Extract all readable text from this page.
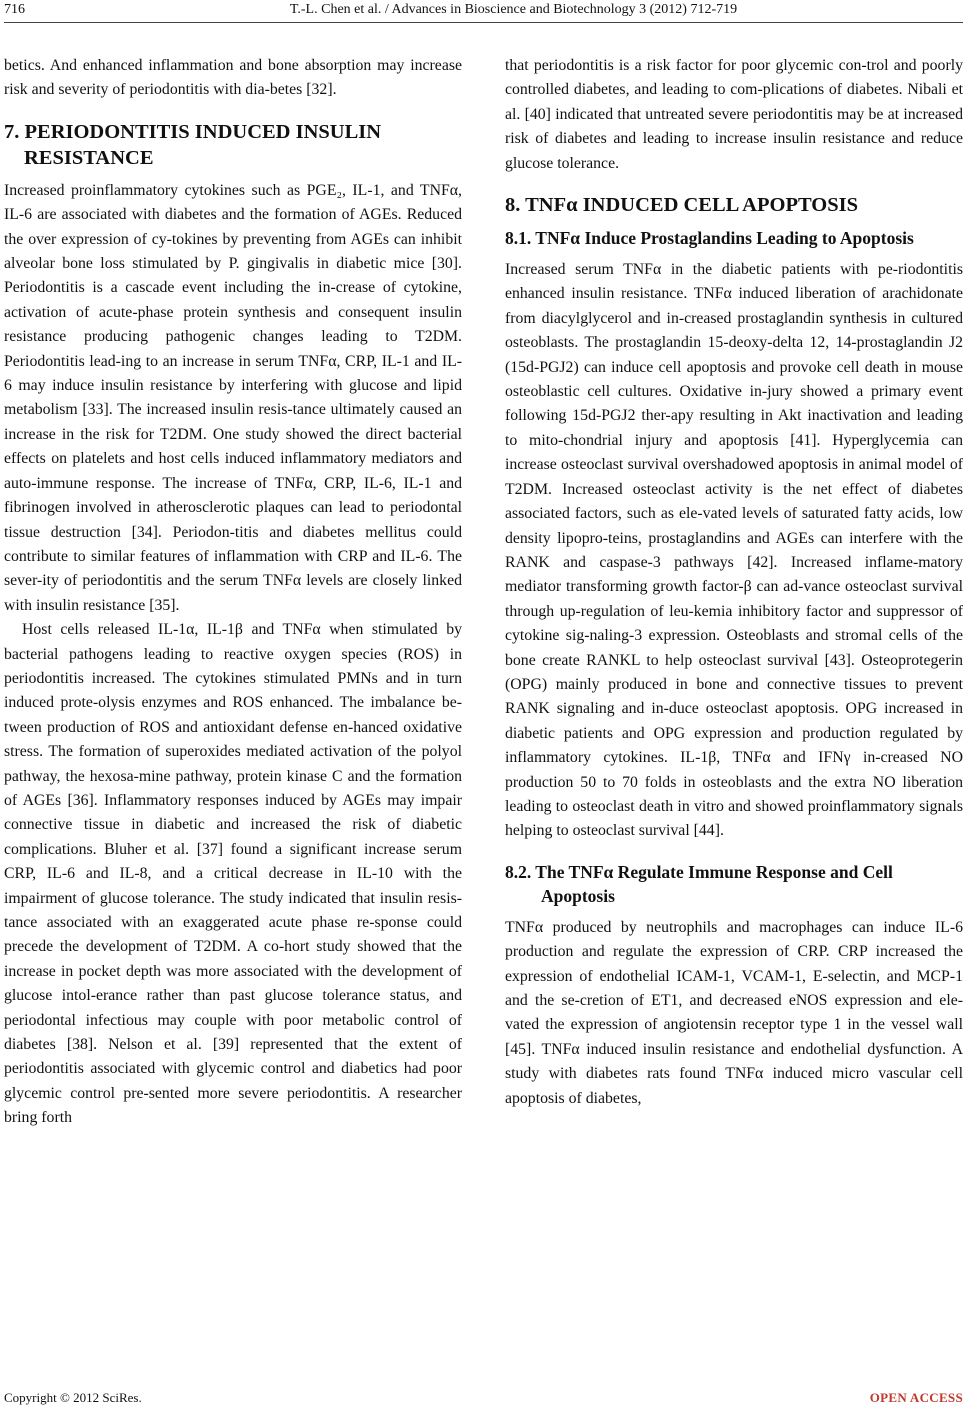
716	T.-L. Chen et al. / Advances in Bioscience and Biotechnology 3 (2012) 712-719

betics. And enhanced inflammation and bone absorption may increase risk and severity of periodontitis with dia-betes [32].

7. PERIODONTITIS INDUCED INSULIN RESISTANCE

Increased proinflammatory cytokines such as PGE₂, IL-1, and TNFα, IL-6 are associated with diabetes and the formation of AGEs. Reduced the over expression of cy-tokines by preventing from AGEs can inhibit alveolar bone loss stimulated by P. gingivalis in diabetic mice [30]. Periodontitis is a cascade event including the in-crease of cytokine, activation of acute-phase protein synthesis and consequent insulin resistance producing pathogenic changes leading to T2DM. Periodontitis lead-ing to an increase in serum TNFα, CRP, IL-1 and IL-6 may induce insulin resistance by interfering with glucose and lipid metabolism [33]. The increased insulin resis-tance ultimately caused an increase in the risk for T2DM. One study showed the direct bacterial effects on platelets and host cells induced inflammatory mediators and auto-immune response. The increase of TNFα, CRP, IL-6, IL-1 and fibrinogen involved in atherosclerotic plaques can lead to periodontal tissue destruction [34]. Periodon-titis and diabetes mellitus could contribute to similar features of inflammation with CRP and IL-6. The sever-ity of periodontitis and the serum TNFα levels are closely linked with insulin resistance [35].

Host cells released IL-1α, IL-1β and TNFα when stimulated by bacterial pathogens leading to reactive oxygen species (ROS) in periodontitis increased. The cytokines stimulated PMNs and in turn induced prote-olysis enzymes and ROS enhanced. The imbalance be-tween production of ROS and antioxidant defense en-hanced oxidative stress. The formation of superoxides mediated activation of the polyol pathway, the hexosa-mine pathway, protein kinase C and the formation of AGEs [36]. Inflammatory responses induced by AGEs may impair connective tissue in diabetic and increased the risk of diabetic complications. Bluher et al. [37] found a significant increase serum CRP, IL-6 and IL-8, and a critical decrease in IL-10 with the impairment of glucose tolerance. The study indicated that insulin resis-tance associated with an exaggerated acute phase re-sponse could precede the development of T2DM. A co-hort study showed that the increase in pocket depth was more associated with the development of glucose intol-erance rather than past glucose tolerance status, and periodontal infectious may couple with poor metabolic control of diabetes [38]. Nelson et al. [39] represented that the extent of periodontitis associated with glycemic control and diabetics had poor glycemic control pre-sented more severe periodontitis. A researcher bring forth

that periodontitis is a risk factor for poor glycemic con-trol and poorly controlled diabetes, and leading to com-plications of diabetes. Nibali et al. [40] indicated that untreated severe periodontitis may be at increased risk of diabetes and leading to increase insulin resistance and reduce glucose tolerance.

8. TNFα INDUCED CELL APOPTOSIS
8.1. TNFα Induce Prostaglandins Leading to Apoptosis

Increased serum TNFα in the diabetic patients with pe-riodontitis enhanced insulin resistance. TNFα induced liberation of arachidonate from diacylglycerol and in-creased prostaglandin synthesis in cultured osteoblasts. The prostaglandin 15-deoxy-delta 12, 14-prostaglandin J2 (15d-PGJ2) can induce cell apoptosis and provoke cell death in mouse osteoblastic cell cultures. Oxidative in-jury showed a primary event following 15d-PGJ2 ther-apy resulting in Akt inactivation and leading to mito-chondrial injury and apoptosis [41]. Hyperglycemia can increase osteoclast survival overshadowed apoptosis in animal model of T2DM. Increased osteoclast activity is the net effect of diabetes associated factors, such as ele-vated levels of saturated fatty acids, low density lipopro-teins, prostaglandins and AGEs can interfere with the RANK and caspase-3 pathways [42]. Increased inflame-matory mediator transforming growth factor-β can ad-vance osteoclast survival through up-regulation of leu-kemia inhibitory factor and suppressor of cytokine sig-naling-3 expression. Osteoblasts and stromal cells of the bone create RANKL to help osteoclast survival [43]. Osteoprotegerin (OPG) mainly produced in bone and connective tissues to prevent RANK signaling and in-duce osteoclast apoptosis. OPG increased in diabetic patients and OPG expression and production regulated by inflammatory cytokines. IL-1β, TNFα and IFNγ in-creased NO production 50 to 70 folds in osteoblasts and the extra NO liberation leading to osteoclast death in vitro and showed proinflammatory signals helping to osteoclast survival [44].

8.2. The TNFα Regulate Immune Response and Cell Apoptosis

TNFα produced by neutrophils and macrophages can induce IL-6 production and regulate the expression of CRP. CRP increased the expression of endothelial ICAM-1, VCAM-1, E-selectin, and MCP-1 and the se-cretion of ET1, and decreased eNOS expression and ele-vated the expression of angiotensin receptor type 1 in the vessel wall [45]. TNFα induced insulin resistance and endothelial dysfunction. A study with diabetes rats found TNFα induced micro vascular cell apoptosis of diabetes,

Copyright © 2012 SciRes.	OPEN ACCESS
